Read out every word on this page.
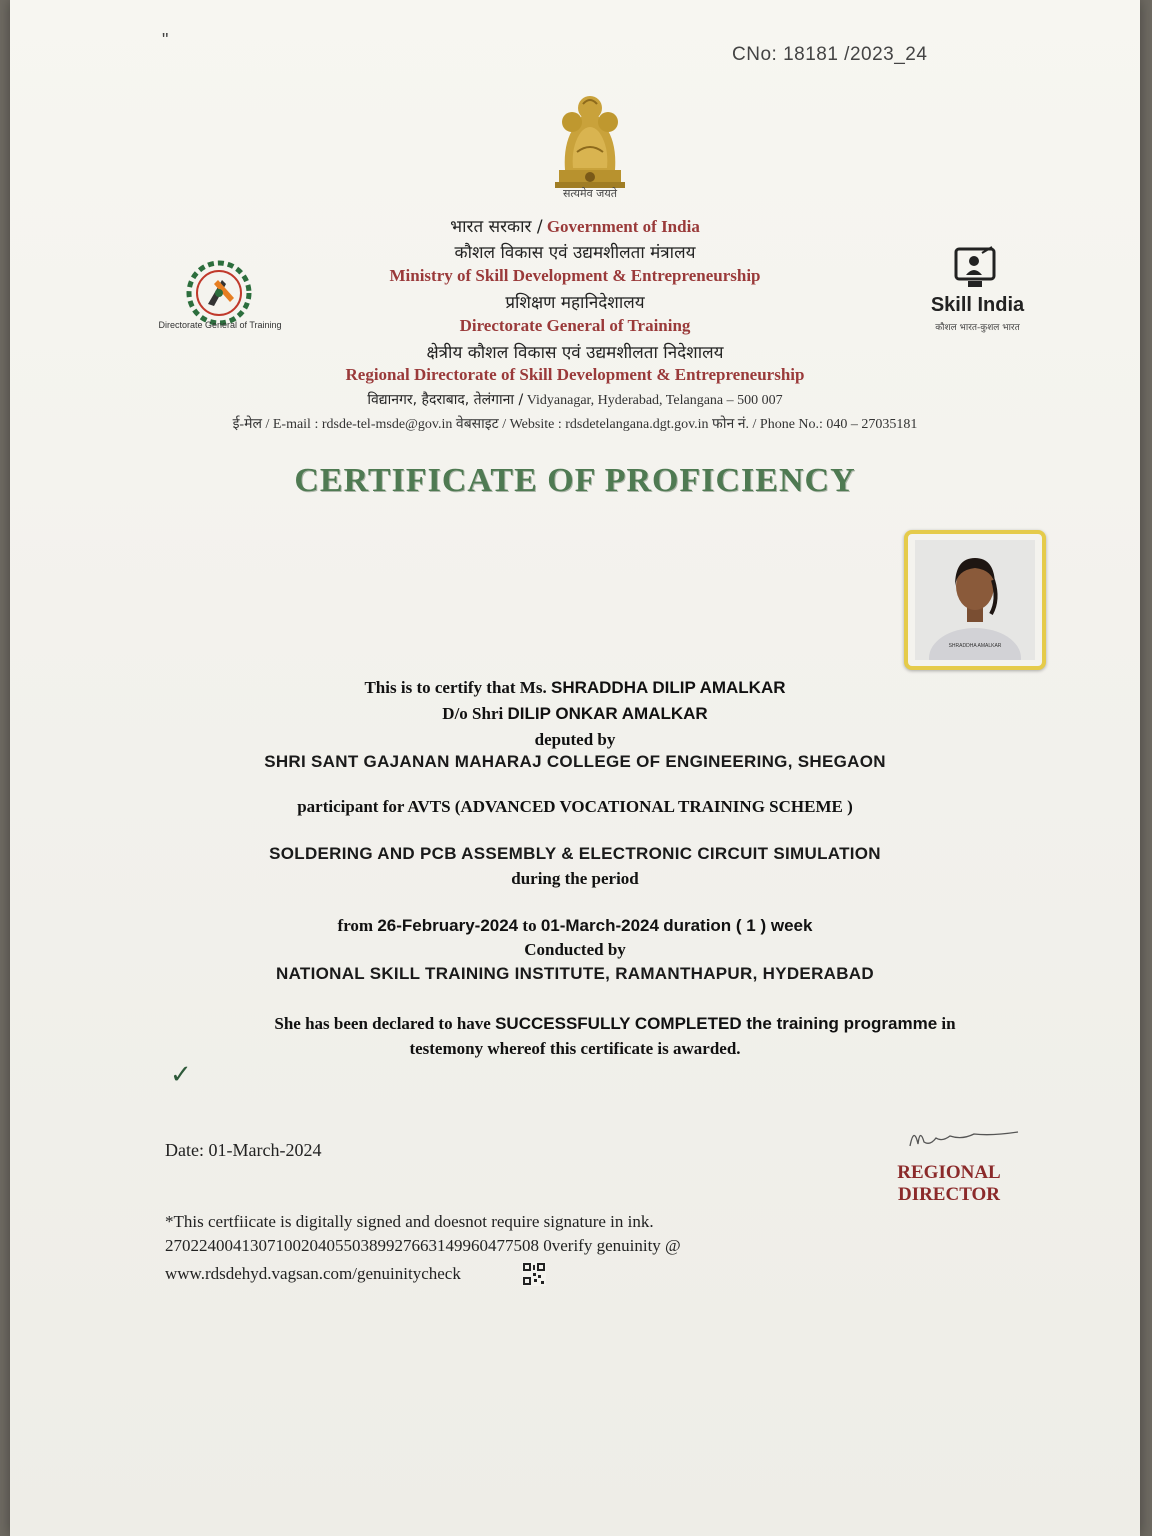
"
CNo: 18181 /2023_24
सत्यमेव जयते
Directorate General of Training
Skill India
कौशल भारत-कुशल भारत
भारत सरकार / Government of India
कौशल विकास एवं उद्यमशीलता मंत्रालय
Ministry of Skill Development & Entrepreneurship
प्रशिक्षण महानिदेशालय
Directorate General of Training
क्षेत्रीय कौशल विकास एवं उद्यमशीलता निदेशालय
Regional Directorate of Skill Development & Entrepreneurship
विद्यानगर, हैदराबाद, तेलंगाना / Vidyanagar, Hyderabad, Telangana – 500 007
ई-मेल / E-mail : rdsde-tel-msde@gov.in वेबसाइट / Website : rdsdetelangana.dgt.gov.in फोन नं. / Phone No.: 040 – 27035181
CERTIFICATE OF PROFICIENCY
SHRADDHA AMALKAR
This is to certify that Ms. SHRADDHA DILIP AMALKAR
D/o Shri DILIP ONKAR AMALKAR
deputed by
SHRI SANT GAJANAN MAHARAJ COLLEGE OF ENGINEERING, SHEGAON
participant for AVTS (ADVANCED VOCATIONAL TRAINING SCHEME )
SOLDERING AND PCB ASSEMBLY & ELECTRONIC CIRCUIT SIMULATION
during the period
from 26-February-2024 to 01-March-2024 duration ( 1 ) week
Conducted by
NATIONAL SKILL TRAINING INSTITUTE, RAMANTHAPUR, HYDERABAD
She has been declared to have SUCCESSFULLY COMPLETED the training programme in
testemony whereof this certificate is awarded.
✓
Date: 01-March-2024
REGIONAL
DIRECTOR
*This certfiicate is digitally signed and doesnot require signature in ink.
27022400413071002040550389927663149960477508 0verify genuinity @
www.rdsdehyd.vagsan.com/genuinitycheck
